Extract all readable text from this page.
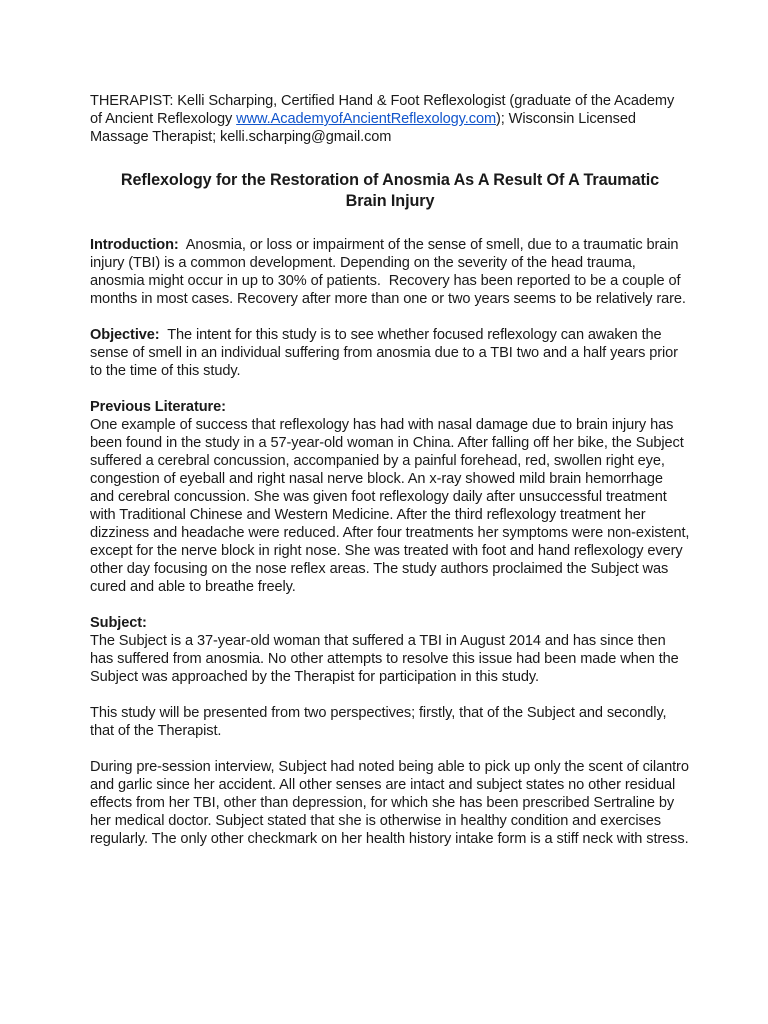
THERAPIST: Kelli Scharping, Certified Hand & Foot Reflexologist (graduate of the Academy of Ancient Reflexology www.AcademyofAncientReflexology.com); Wisconsin Licensed Massage Therapist; kelli.scharping@gmail.com

Reflexology for the Restoration of Anosmia As A Result Of A Traumatic Brain Injury

Introduction:  Anosmia, or loss or impairment of the sense of smell, due to a traumatic brain injury (TBI) is a common development. Depending on the severity of the head trauma, anosmia might occur in up to 30% of patients.  Recovery has been reported to be a couple of months in most cases. Recovery after more than one or two years seems to be relatively rare.

Objective:  The intent for this study is to see whether focused reflexology can awaken the sense of smell in an individual suffering from anosmia due to a TBI two and a half years prior to the time of this study.

Previous Literature:

One example of success that reflexology has had with nasal damage due to brain injury has been found in the study in a 57-year-old woman in China. After falling off her bike, the Subject suffered a cerebral concussion, accompanied by a painful forehead, red, swollen right eye, congestion of eyeball and right nasal nerve block. An x-ray showed mild brain hemorrhage and cerebral concussion. She was given foot reflexology daily after unsuccessful treatment with Traditional Chinese and Western Medicine. After the third reflexology treatment her dizziness and headache were reduced. After four treatments her symptoms were non-existent, except for the nerve block in right nose. She was treated with foot and hand reflexology every other day focusing on the nose reflex areas. The study authors proclaimed the Subject was cured and able to breathe freely.

Subject:

The Subject is a 37-year-old woman that suffered a TBI in August 2014 and has since then has suffered from anosmia. No other attempts to resolve this issue had been made when the Subject was approached by the Therapist for participation in this study.

This study will be presented from two perspectives; firstly, that of the Subject and secondly, that of the Therapist.

During pre-session interview, Subject had noted being able to pick up only the scent of cilantro and garlic since her accident. All other senses are intact and subject states no other residual effects from her TBI, other than depression, for which she has been prescribed Sertraline by her medical doctor. Subject stated that she is otherwise in healthy condition and exercises regularly. The only other checkmark on her health history intake form is a stiff neck with stress.
